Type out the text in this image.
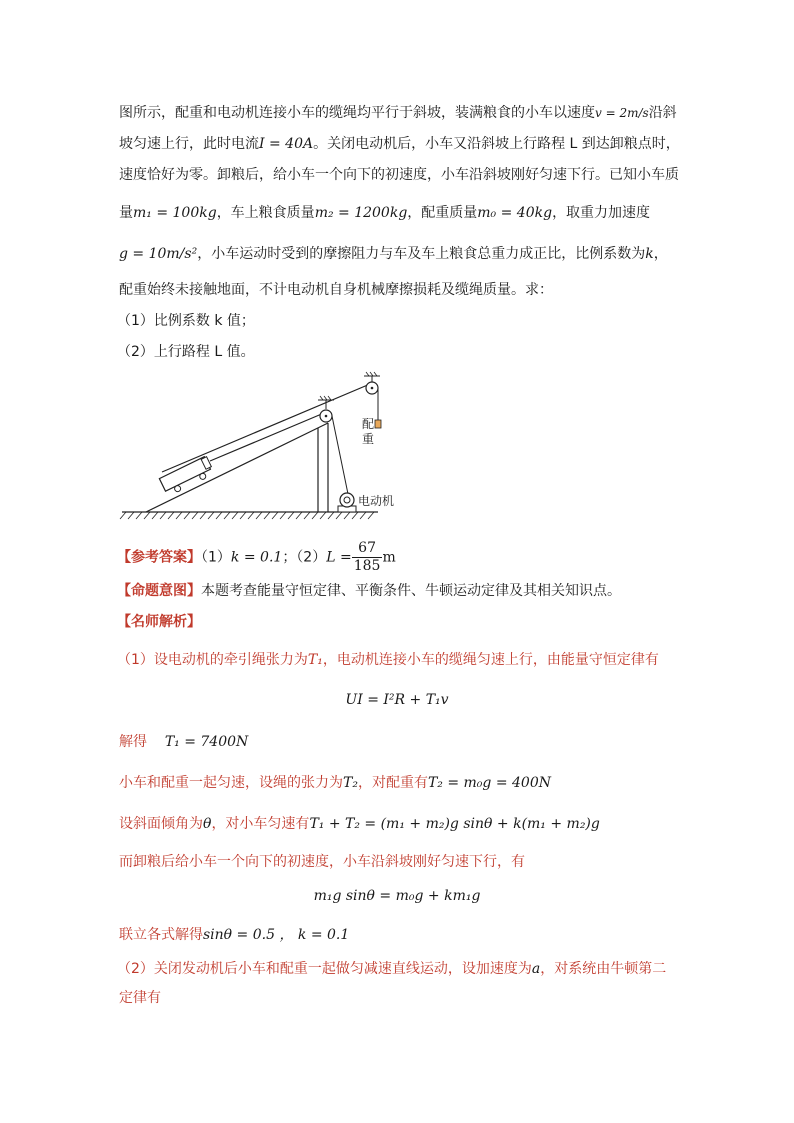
图所示，配重和电动机连接小车的缆绳均平行于斜坡，装满粮食的小车以速度v = 2m/s沿斜
坡匀速上行，此时电流I = 40A。关闭电动机后，小车又沿斜坡上行路程 L 到达卸粮点时，
速度恰好为零。卸粮后，给小车一个向下的初速度，小车沿斜坡刚好匀速下行。已知小车质
量m₁ = 100kg，车上粮食质量m₂ = 1200kg，配重质量m₀ = 40kg，取重力加速度
g = 10m/s²，小车运动时受到的摩擦阻力与车及车上粮食总重力成正比，比例系数为k，
配重始终未接触地面，不计电动机自身机械摩擦损耗及缆绳质量。求：
（1）比例系数 k 值；
（2）上行路程 L 值。
配
重
电动机
【参考答案】（1）k = 0.1；$(2)L = \frac{67}{185}$ m
【命题意图】本题考查能量守恒定律、平衡条件、牛顿运动定律及其相关知识点。
【名师解析】
（1）设电动机的牵引绳张力为T₁，电动机连接小车的缆绳匀速上行，由能量守恒定律有
UI = I²R + T₁v
解得 T₁ = 7400N
小车和配重一起匀速，设绳的张力为T₂，对配重有T₂ = m₀g = 400N
设斜面倾角为θ，对小车匀速有T₁ + T₂ = (m₁ + m₂)g sinθ + k(m₁ + m₂)g
而卸粮后给小车一个向下的初速度，小车沿斜坡刚好匀速下行，有
m₁g sinθ = m₀g + km₁g
联立各式解得sinθ = 0.5 ， k = 0.1
（2）关闭发动机后小车和配重一起做匀减速直线运动，设加速度为a，对系统由牛顿第二
定律有
